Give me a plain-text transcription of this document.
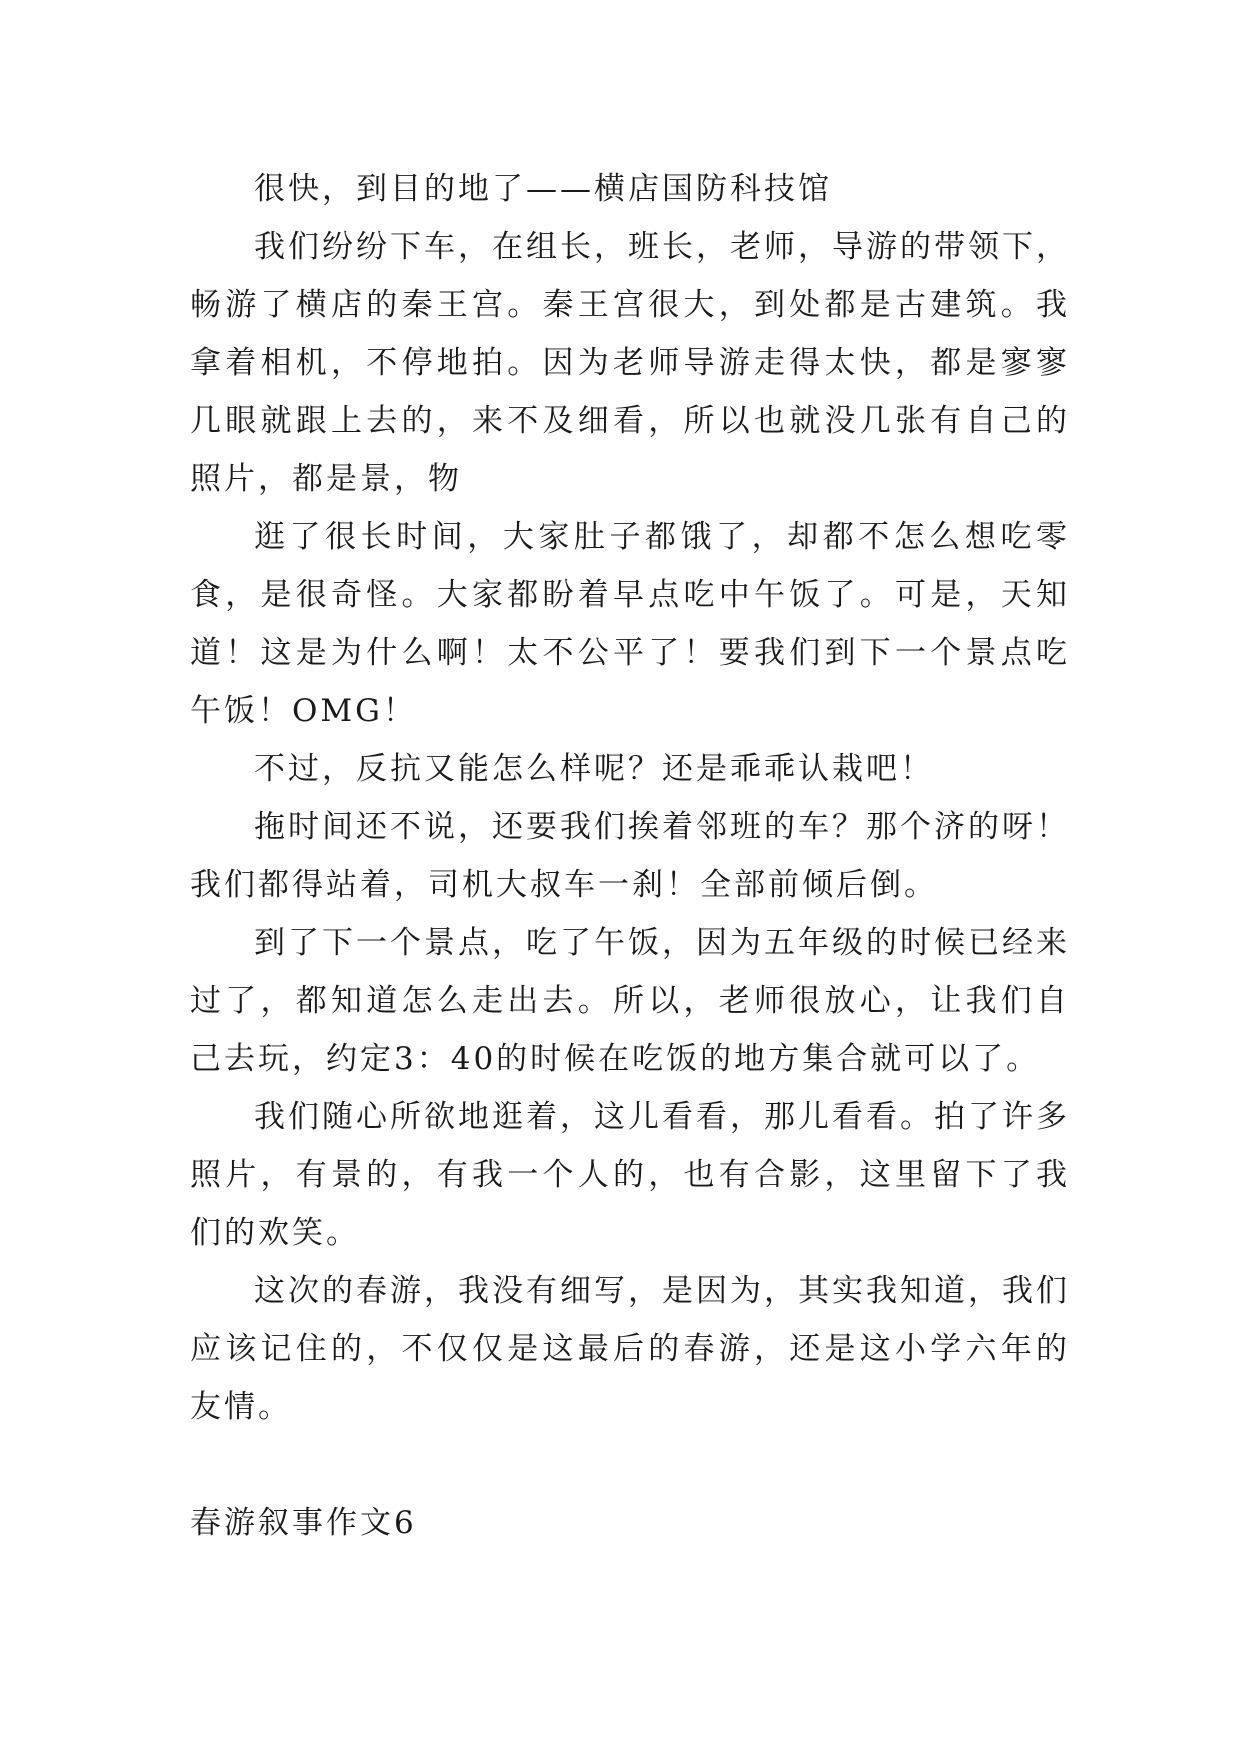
很快，到目的地了——横店国防科技馆

我们纷纷下车，在组长，班长，老师，导游的带领下，畅游了横店的秦王宫。秦王宫很大，到处都是古建筑。我拿着相机，不停地拍。因为老师导游走得太快，都是寥寥几眼就跟上去的，来不及细看，所以也就没几张有自己的照片，都是景，物

逛了很长时间，大家肚子都饿了，却都不怎么想吃零食，是很奇怪。大家都盼着早点吃中午饭了。可是，天知道！这是为什么啊！太不公平了！要我们到下一个景点吃午饭！OMG！

不过，反抗又能怎么样呢？还是乖乖认栽吧！

拖时间还不说，还要我们挨着邻班的车？那个济的呀！我们都得站着，司机大叔车一刹！全部前倾后倒。

到了下一个景点，吃了午饭，因为五年级的时候已经来过了，都知道怎么走出去。所以，老师很放心，让我们自己去玩，约定3：40的时候在吃饭的地方集合就可以了。

我们随心所欲地逛着，这儿看看，那儿看看。拍了许多照片，有景的，有我一个人的，也有合影，这里留下了我们的欢笑。

这次的春游，我没有细写，是因为，其实我知道，我们应该记住的，不仅仅是这最后的春游，还是这小学六年的友情。

春游叙事作文6
